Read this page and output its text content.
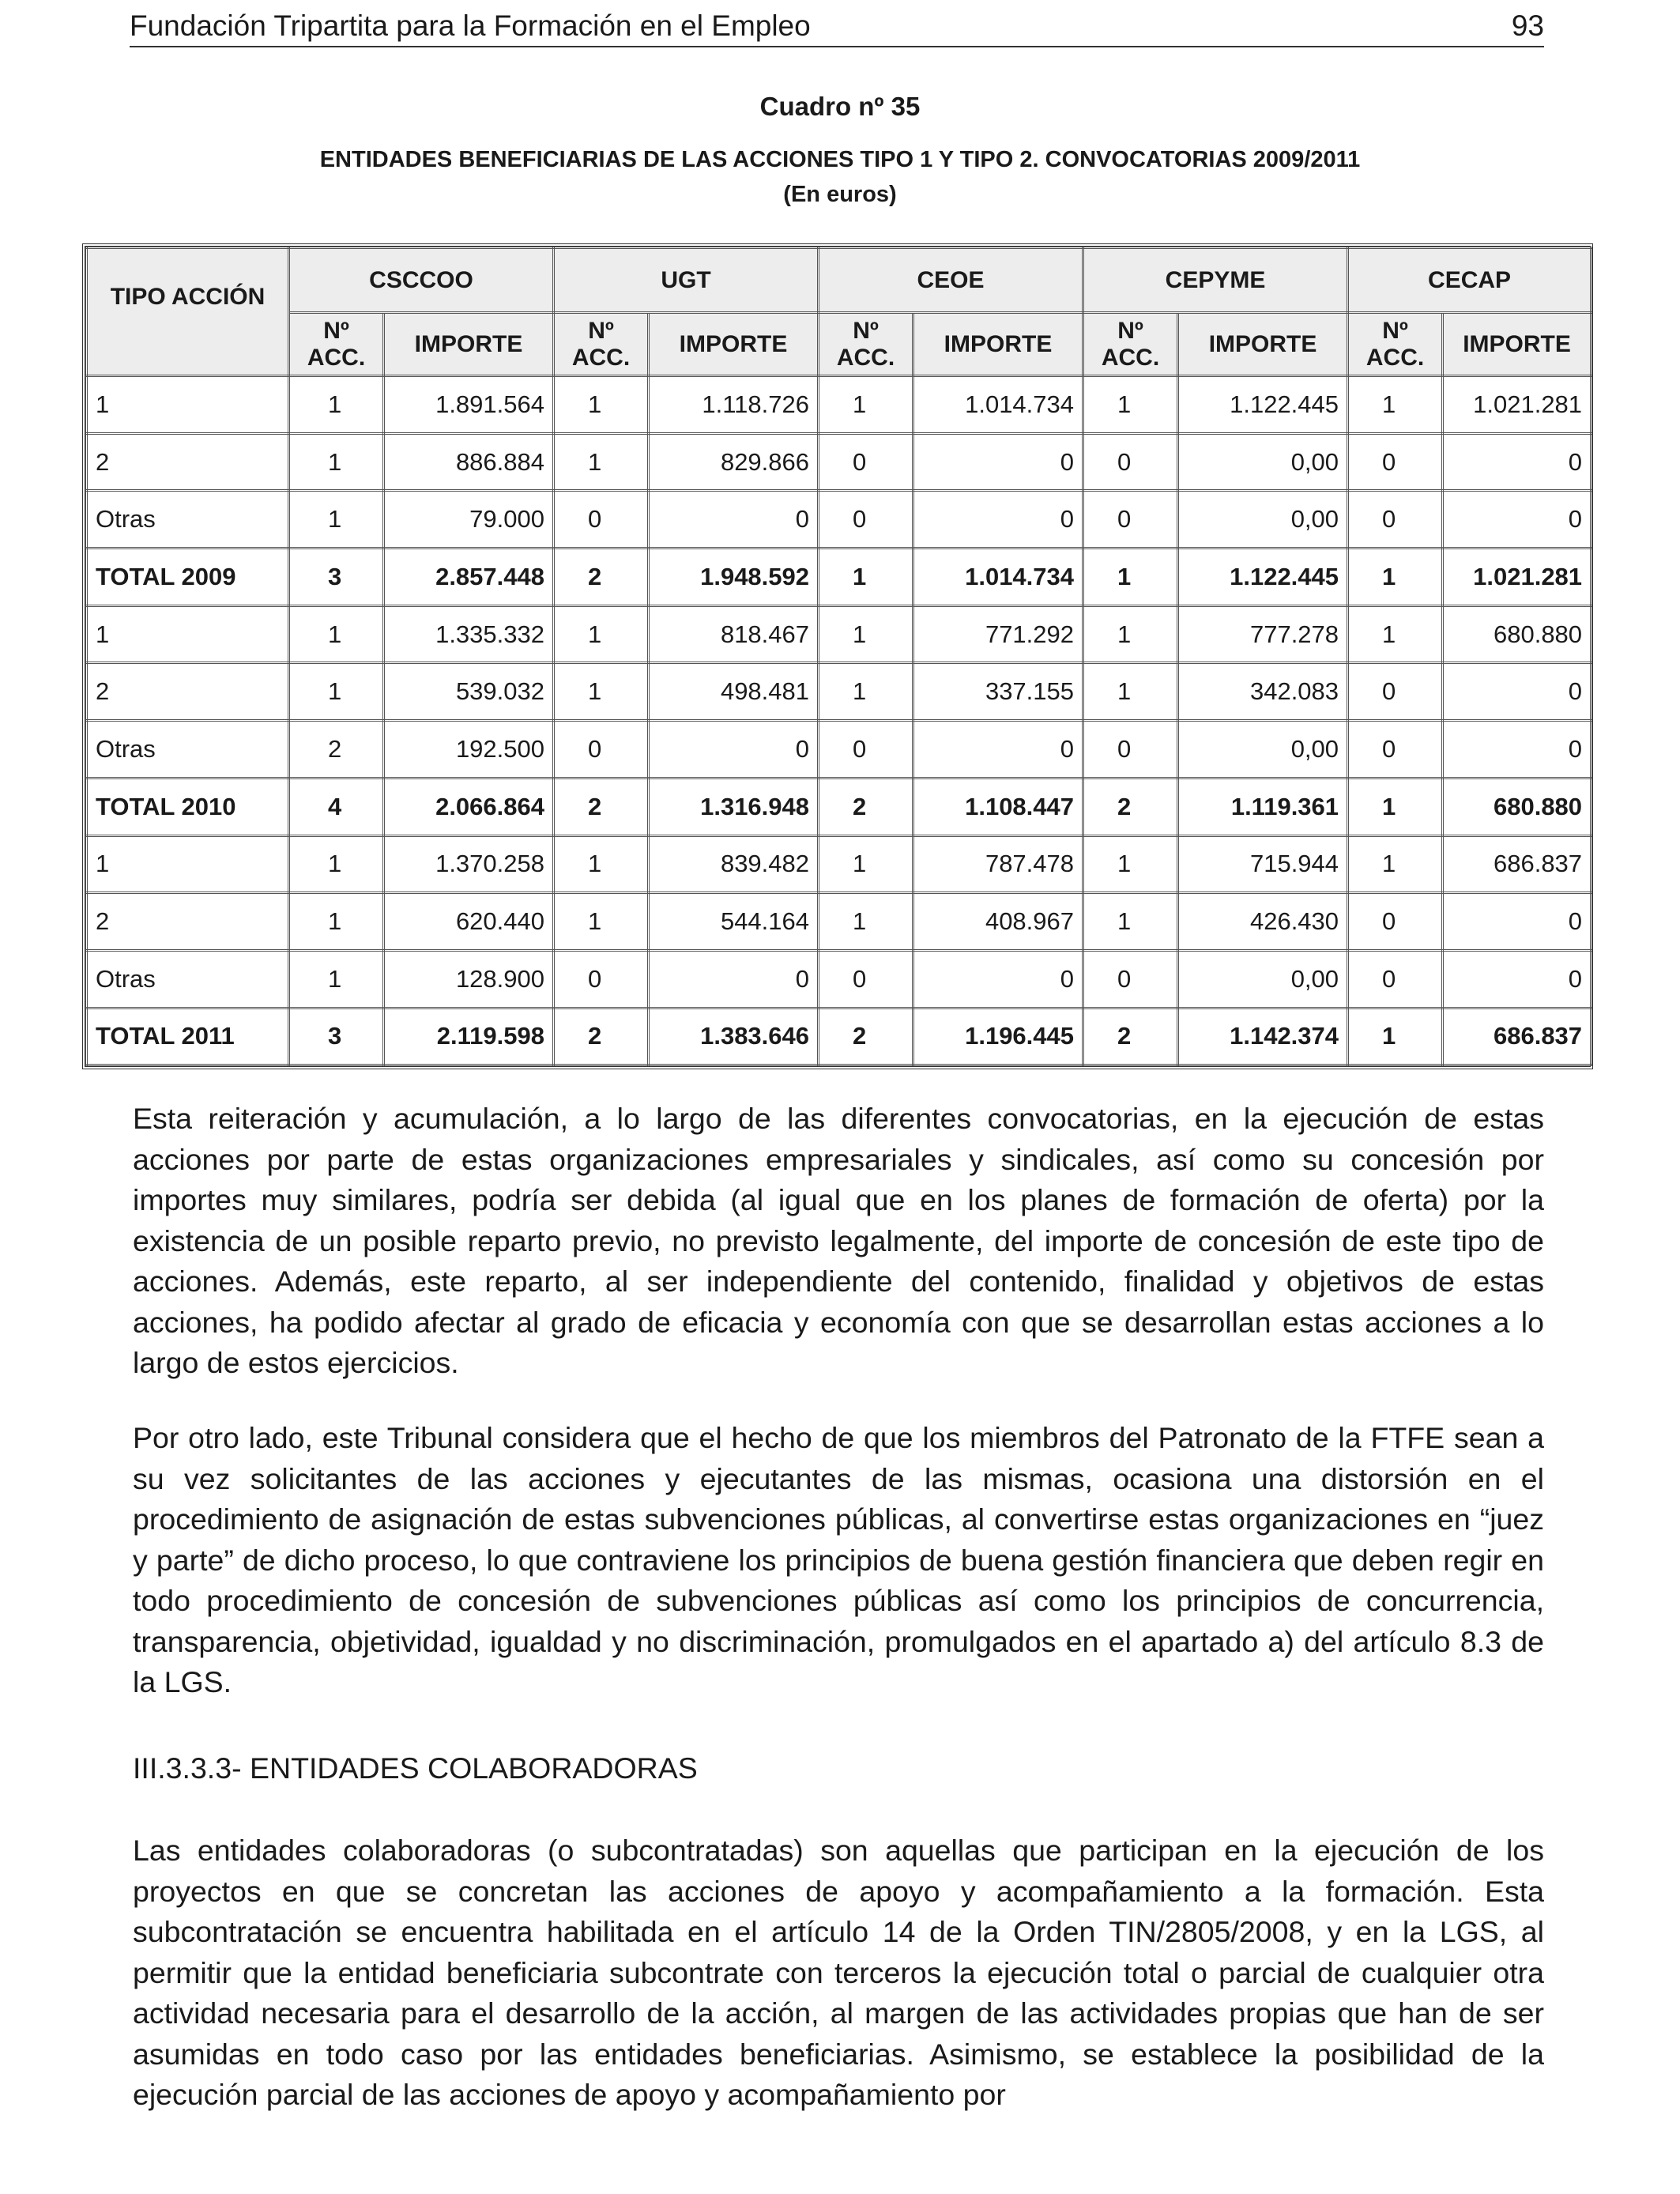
Fundación Tripartita para la Formación en el Empleo	93
Cuadro nº 35
ENTIDADES BENEFICIARIAS DE LAS ACCIONES TIPO 1 Y TIPO 2. CONVOCATORIAS 2009/2011
(En euros)
TIPO ACCIÓN	CSCCOO		UGT		CEOE		CEPYME		CECAP	
	Nº ACC.	IMPORTE	Nº ACC.	IMPORTE	Nº ACC.	IMPORTE	Nº ACC.	IMPORTE	Nº ACC.	IMPORTE
1	1	1.891.564	1	1.118.726	1	1.014.734	1	1.122.445	1	1.021.281
2	1	886.884	1	829.866	0	0	0	0,00	0	0
Otras	1	79.000	0	0	0	0	0	0,00	0	0
TOTAL 2009	3	2.857.448	2	1.948.592	1	1.014.734	1	1.122.445	1	1.021.281
1	1	1.335.332	1	818.467	1	771.292	1	777.278	1	680.880
2	1	539.032	1	498.481	1	337.155	1	342.083	0	0
Otras	2	192.500	0	0	0	0	0	0,00	0	0
TOTAL 2010	4	2.066.864	2	1.316.948	2	1.108.447	2	1.119.361	1	680.880
1	1	1.370.258	1	839.482	1	787.478	1	715.944	1	686.837
2	1	620.440	1	544.164	1	408.967	1	426.430	0	0
Otras	1	128.900	0	0	0	0	0	0,00	0	0
TOTAL 2011	3	2.119.598	2	1.383.646	2	1.196.445	2	1.142.374	1	686.837
Esta reiteración y acumulación, a lo largo de las diferentes convocatorias, en la ejecución de estas acciones por parte de estas organizaciones empresariales y sindicales, así como su concesión por importes muy similares, podría ser debida (al igual que en los planes de formación de oferta) por la existencia de un posible reparto previo, no previsto legalmente, del importe de concesión de este tipo de acciones. Además, este reparto, al ser independiente del contenido, finalidad y objetivos de estas acciones, ha podido afectar al grado de eficacia y economía con que se desarrollan estas acciones a lo largo de estos ejercicios.
Por otro lado, este Tribunal considera que el hecho de que los miembros del Patronato de la FTFE sean a su vez solicitantes de las acciones y ejecutantes de las mismas, ocasiona una distorsión en el procedimiento de asignación de estas subvenciones públicas, al convertirse estas organizaciones en “juez y parte” de dicho proceso, lo que contraviene los principios de buena gestión financiera que deben regir en todo procedimiento de concesión de subvenciones públicas así como los principios de concurrencia, transparencia, objetividad, igualdad y no discriminación, promulgados en el apartado a) del artículo 8.3 de la LGS.
III.3.3.3- ENTIDADES COLABORADORAS
Las entidades colaboradoras (o subcontratadas) son aquellas que participan en la ejecución de los proyectos en que se concretan las acciones de apoyo y acompañamiento a la formación. Esta subcontratación se encuentra habilitada en el artículo 14 de la Orden TIN/2805/2008, y en la LGS, al permitir que la entidad beneficiaria subcontrate con terceros la ejecución total o parcial de cualquier otra actividad necesaria para el desarrollo de la acción, al margen de las actividades propias que han de ser asumidas en todo caso por las entidades beneficiarias. Asimismo, se establece la posibilidad de la ejecución parcial de las acciones de apoyo y acompañamiento por
